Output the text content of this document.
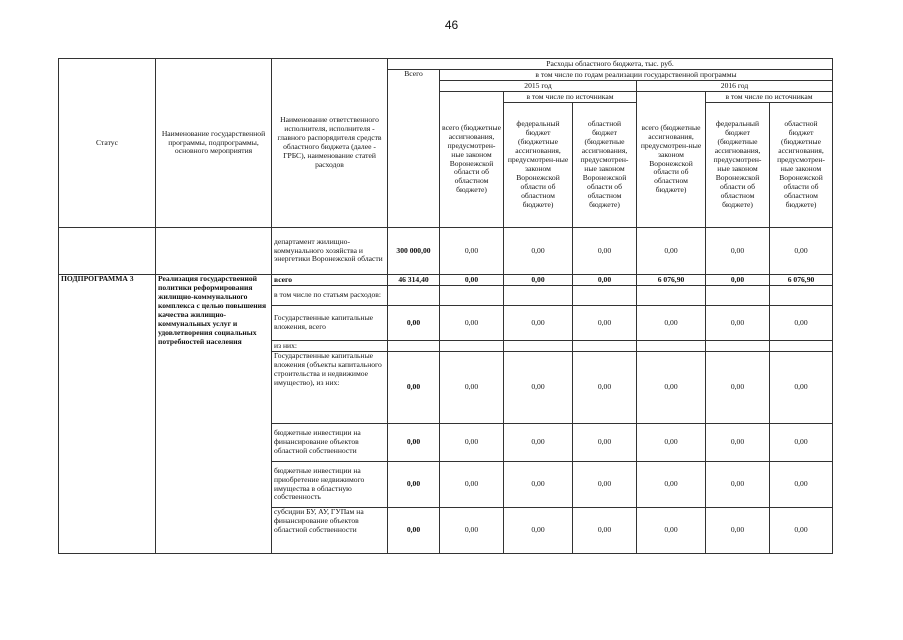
46
Статус	Наименование государственной программы, подпрограммы, основного мероприятия	Наименование ответственного исполнителя, исполнителя - главного распорядителя средств областного бюджета (далее - ГРБС), наименование статей расходов	Расходы областного бюджета, тыс. руб.						
			Всего	в том числе по годам реализации государственной программы					
				2015 год			2016 год		
				всего (бюджетные ассигнования, предусмотрен-ные законом Воронежской области об областном бюджете)	в том числе по источникам		всего (бюджетные ассигнования, предусмотрен-ные законом Воронежской области об областном бюджете)	в том числе по источникам	
					федеральный бюджет (бюджетные ассигнования, предусмотрен-ные законом Воронежской области об областном бюджете)	областной бюджет (бюджетные ассигнования, предусмотрен-ные законом Воронежской области об областном бюджете)		федеральный бюджет (бюджетные ассигнования, предусмотрен-ные законом Воронежской области об областном бюджете)	областной бюджет (бюджетные ассигнования, предусмотрен-ные законом Воронежской области об областном бюджете)
		департамент жилищно-коммунального хозяйства и энергетики Воронежской области	300 000,00	0,00	0,00	0,00	0,00	0,00	0,00
ПОДПРОГРАММА 3	Реализация государственной политики реформирования жилищно-коммунального комплекса с целью повышения качества жилищно-коммунальных услуг и удовлетворения социальных потребностей населения	всего	46 314,40	0,00	0,00	0,00	6 076,90	0,00	6 076,90
		в том числе по статьям расходов:							
		Государственные капитальные вложения, всего	0,00	0,00	0,00	0,00	0,00	0,00	0,00
		из них:							
		Государственные капитальные вложения (объекты капитального строительства и недвижимое имущество), из них:	0,00	0,00	0,00	0,00	0,00	0,00	0,00
		бюджетные инвестиции на финансирование объектов областной собственности	0,00	0,00	0,00	0,00	0,00	0,00	0,00
		бюджетные инвестиции на приобретение недвижимого имущества в областную собственность	0,00	0,00	0,00	0,00	0,00	0,00	0,00
		субсидии БУ, АУ, ГУПам на финансирование объектов областной собственности	0,00	0,00	0,00	0,00	0,00	0,00	0,00
